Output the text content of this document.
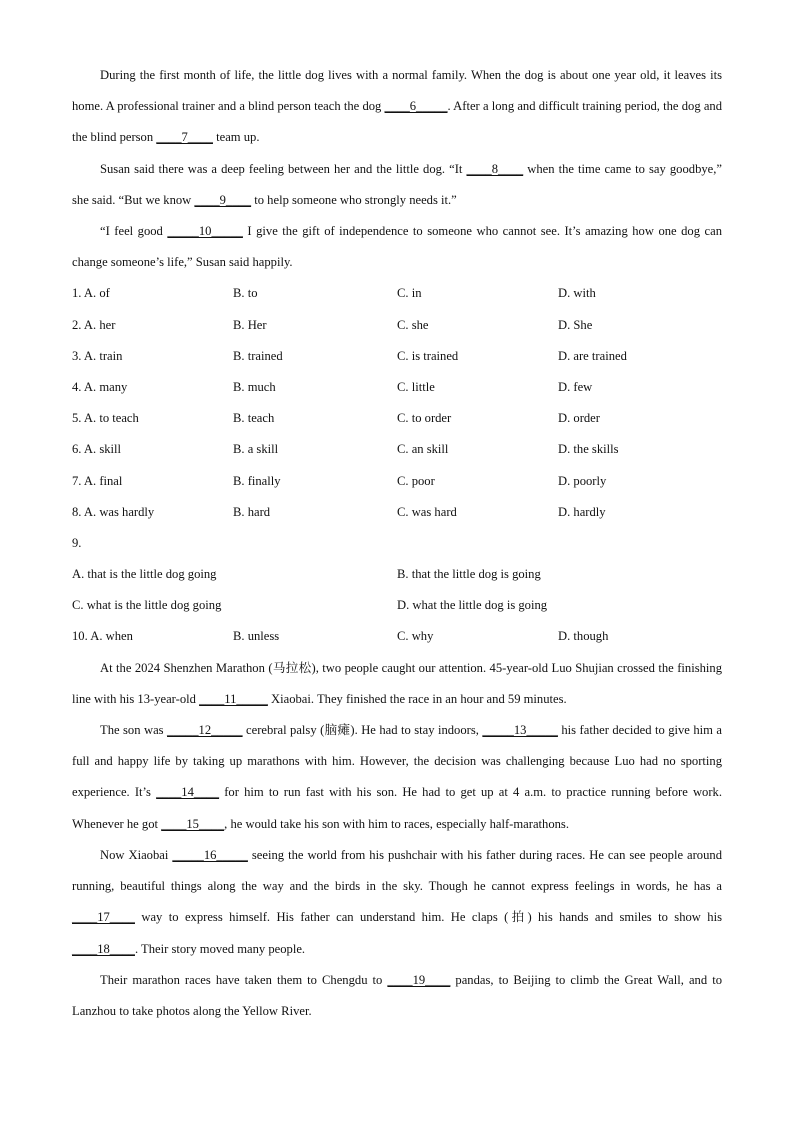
During the first month of life, the little dog lives with a normal family. When the dog is about one year old, it leaves its home. A professional trainer and a blind person teach the dog ____6_____. After a long and difficult training period, the dog and the blind person ____7____ team up.

Susan said there was a deep feeling between her and the little dog. “It ____8____ when the time came to say goodbye,” she said. “But we know ____9____ to help someone who strongly needs it.”

“I feel good _____10_____ I give the gift of independence to someone who cannot see. It’s amazing how one dog can change someone’s life,” Susan said happily.

1. A. of	B. to	C. in	D. with
2. A. her	B. Her	C. she	D. She
3. A. train	B. trained	C. is trained	D. are trained
4. A. many	B. much	C. little	D. few
5. A. to teach	B. teach	C. to order	D. order
6. A. skill	B. a skill	C. an skill	D. the skills
7. A. final	B. finally	C. poor	D. poorly
8. A. was hardly	B. hard	C. was hard	D. hardly
9.
A. that is the little dog going	B. that the little dog is going
C. what is the little dog going	D. what the little dog is going
10. A. when	B. unless	C. why	D. though

At the 2024 Shenzhen Marathon (马拉松), two people caught our attention. 45-year-old Luo Shujian crossed the finishing line with his 13-year-old ____11_____ Xiaobai. They finished the race in an hour and 59 minutes.

The son was _____12_____ cerebral palsy (脑瘫). He had to stay indoors, _____13_____ his father decided to give him a full and happy life by taking up marathons with him. However, the decision was challenging because Luo had no sporting experience. It’s ____14____ for him to run fast with his son. He had to get up at 4 a.m. to practice running before work. Whenever he got ____15____, he would take his son with him to races, especially half-marathons.

Now Xiaobai _____16_____ seeing the world from his pushchair with his father during races. He can see people around running, beautiful things along the way and the birds in the sky. Though he cannot express feelings in words, he has a ____17____ way to express himself. His father can understand him. He claps (拍) his hands and smiles to show his ____18____. Their story moved many people.

Their marathon races have taken them to Chengdu to ____19____ pandas, to Beijing to climb the Great Wall, and to Lanzhou to take photos along the Yellow River.
